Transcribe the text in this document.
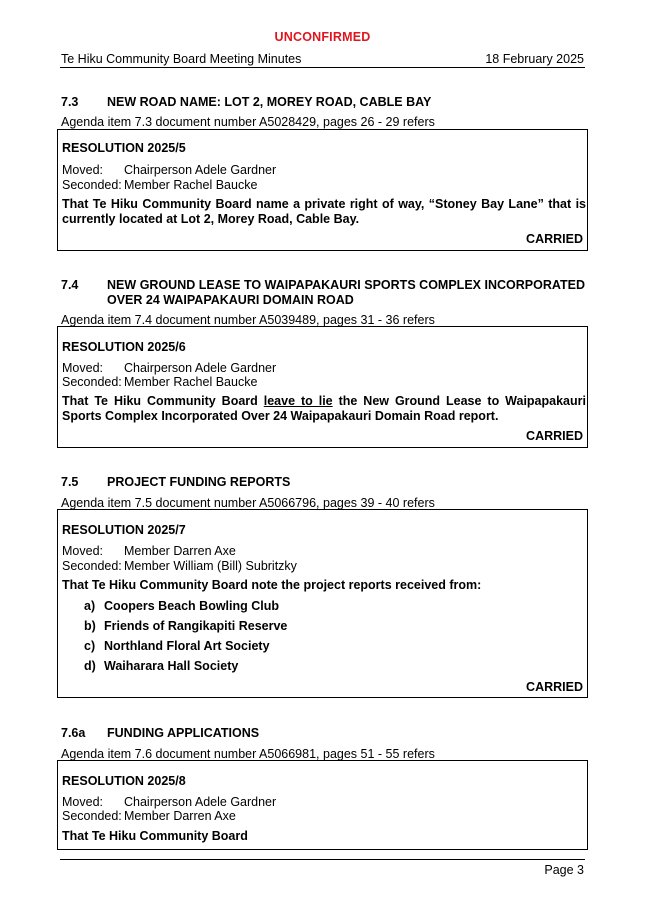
UNCONFIRMED
Te Hiku Community Board Meeting Minutes	18 February 2025
7.3 NEW ROAD NAME: LOT 2, MOREY ROAD, CABLE BAY
Agenda item 7.3 document number A5028429, pages 26 - 29 refers
RESOLUTION 2025/5
Moved: Chairperson Adele Gardner
Seconded: Member Rachel Baucke
That Te Hiku Community Board name a private right of way, “Stoney Bay Lane” that is currently located at Lot 2, Morey Road, Cable Bay.
CARRIED
7.4 NEW GROUND LEASE TO WAIPAPAKAURI SPORTS COMPLEX INCORPORATED OVER 24 WAIPAPAKAURI DOMAIN ROAD
Agenda item 7.4 document number A5039489, pages 31 - 36 refers
RESOLUTION 2025/6
Moved: Chairperson Adele Gardner
Seconded: Member Rachel Baucke
That Te Hiku Community Board leave to lie the New Ground Lease to Waipapakauri Sports Complex Incorporated Over 24 Waipapakauri Domain Road report.
CARRIED
7.5 PROJECT FUNDING REPORTS
Agenda item 7.5 document number A5066796, pages 39 - 40 refers
RESOLUTION 2025/7
Moved: Member Darren Axe
Seconded: Member William (Bill) Subritzky
That Te Hiku Community Board note the project reports received from:
a) Coopers Beach Bowling Club
b) Friends of Rangikapiti Reserve
c) Northland Floral Art Society
d) Waiharara Hall Society
CARRIED
7.6a FUNDING APPLICATIONS
Agenda item 7.6 document number A5066981, pages 51 - 55 refers
RESOLUTION 2025/8
Moved: Chairperson Adele Gardner
Seconded: Member Darren Axe
That Te Hiku Community Board
Page 3
